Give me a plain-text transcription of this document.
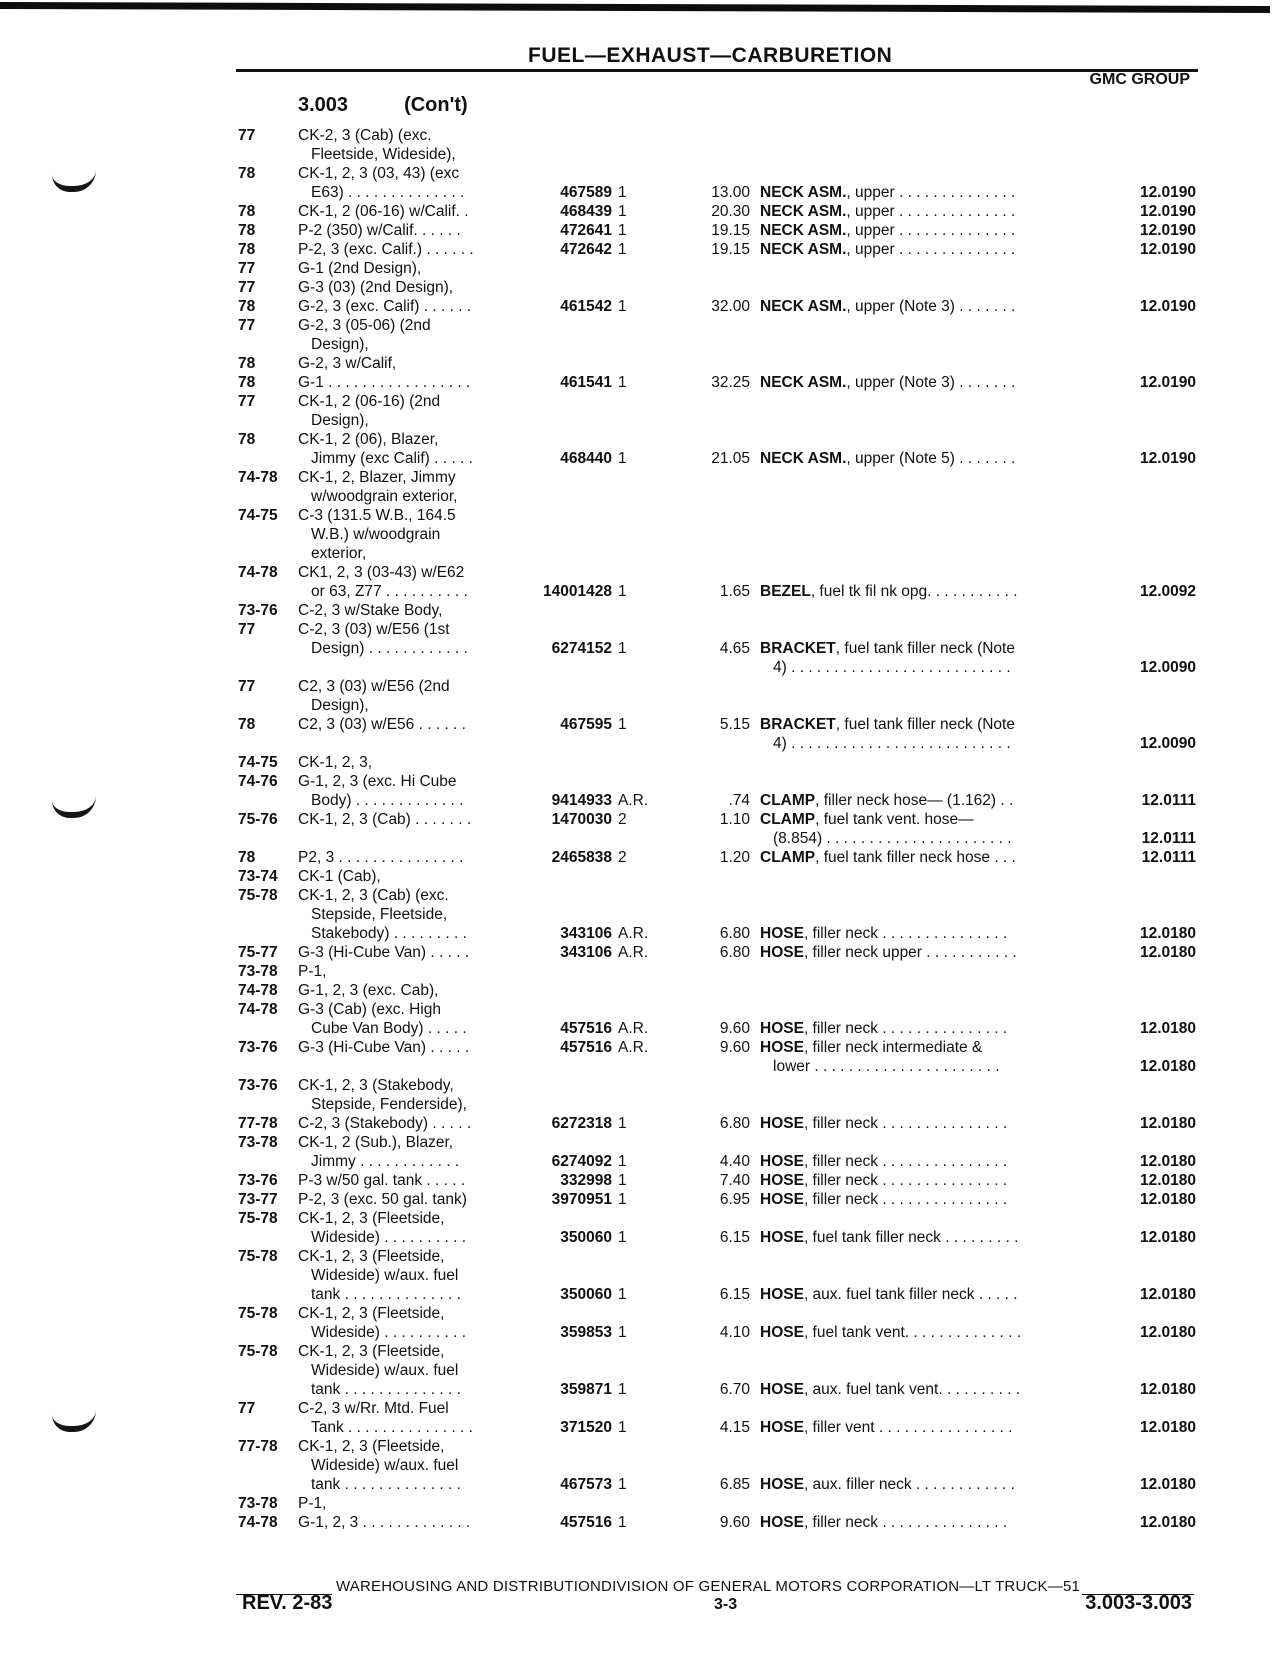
FUEL—EXHAUST—CARBURETION
GMC GROUP
3.003	(Con't)
77	CK-2, 3 (Cab) (exc.
Fleetside, Wideside),
78	CK-1, 2, 3 (03, 43) (exc
E63) . . . . . . . . . . . . . .	467589 1	13.00 NECK ASM., upper . . . . . . . . . . . . . .	12.0190
78	CK-1, 2 (06-16) w/Calif. .	468439 1	20.30 NECK ASM., upper . . . . . . . . . . . . . .	12.0190
78	P-2 (350) w/Calif. . . . . .	472641 1	19.15 NECK ASM., upper . . . . . . . . . . . . . .	12.0190
78	P-2, 3 (exc. Calif.) . . . . . .	472642 1	19.15 NECK ASM., upper . . . . . . . . . . . . . .	12.0190
77	G-1 (2nd Design),
77	G-3 (03) (2nd Design),
78	G-2, 3 (exc. Calif) . . . . . .	461542 1	32.00 NECK ASM., upper (Note 3) . . . . . . .	12.0190
77	G-2, 3 (05-06) (2nd
Design),
78	G-2, 3 w/Calif,
78	G-1 . . . . . . . . . . . . . . . . .	461541 1	32.25 NECK ASM., upper (Note 3) . . . . . . .	12.0190
77	CK-1, 2 (06-16) (2nd
Design),
78	CK-1, 2 (06), Blazer,
Jimmy (exc Calif) . . . . .	468440 1	21.05 NECK ASM., upper (Note 5) . . . . . . .	12.0190
74-78	CK-1, 2, Blazer, Jimmy
w/woodgrain exterior,
74-75	C-3 (131.5 W.B., 164.5
W.B.) w/woodgrain
exterior,
74-78	CK1, 2, 3 (03-43) w/E62
or 63, Z77 . . . . . . . . . .	14001428 1	1.65 BEZEL, fuel tk fil nk opg. . . . . . . . . . .	12.0092
73-76	C-2, 3 w/Stake Body,
77	C-2, 3 (03) w/E56 (1st
Design) . . . . . . . . . . . .	6274152 1	4.65 BRACKET, fuel tank filler neck (Note
4) . . . . . . . . . . . . . . . . . . . . . . . . . .	12.0090
77	C2, 3 (03) w/E56 (2nd
Design),
78	C2, 3 (03) w/E56 . . . . . .	467595 1	5.15 BRACKET, fuel tank filler neck (Note
4) . . . . . . . . . . . . . . . . . . . . . . . . . .	12.0090
74-75	CK-1, 2, 3,
74-76	G-1, 2, 3 (exc. Hi Cube
Body) . . . . . . . . . . . . .	9414933 A.R.	.74 CLAMP, filler neck hose— (1.162) . .	12.0111
75-76	CK-1, 2, 3 (Cab) . . . . . . .	1470030 2	1.10 CLAMP, fuel tank vent. hose—
(8.854) . . . . . . . . . . . . . . . . . . . . . .	12.0111
78	P2, 3 . . . . . . . . . . . . . . .	2465838 2	1.20 CLAMP, fuel tank filler neck hose . . .	12.0111
73-74	CK-1 (Cab),
75-78	CK-1, 2, 3 (Cab) (exc.
Stepside, Fleetside,
Stakebody) . . . . . . . . .	343106 A.R.	6.80 HOSE, filler neck . . . . . . . . . . . . . . .	12.0180
75-77	G-3 (Hi-Cube Van) . . . . .	343106 A.R.	6.80 HOSE, filler neck upper . . . . . . . . . . .	12.0180
73-78	P-1,
74-78	G-1, 2, 3 (exc. Cab),
74-78	G-3 (Cab) (exc. High
Cube Van Body) . . . . .	457516 A.R.	9.60 HOSE, filler neck . . . . . . . . . . . . . . .	12.0180
73-76	G-3 (Hi-Cube Van) . . . . .	457516 A.R.	9.60 HOSE, filler neck intermediate &
lower . . . . . . . . . . . . . . . . . . . . . .	12.0180
73-76	CK-1, 2, 3 (Stakebody,
Stepside, Fenderside),
77-78	C-2, 3 (Stakebody) . . . . .	6272318 1	6.80 HOSE, filler neck . . . . . . . . . . . . . . .	12.0180
73-78	CK-1, 2 (Sub.), Blazer,
Jimmy . . . . . . . . . . . .	6274092 1	4.40 HOSE, filler neck . . . . . . . . . . . . . . .	12.0180
73-76	P-3 w/50 gal. tank . . . . .	332998 1	7.40 HOSE, filler neck . . . . . . . . . . . . . . .	12.0180
73-77	P-2, 3 (exc. 50 gal. tank)	3970951 1	6.95 HOSE, filler neck . . . . . . . . . . . . . . .	12.0180
75-78	CK-1, 2, 3 (Fleetside,
Wideside) . . . . . . . . . .	350060 1	6.15 HOSE, fuel tank filler neck . . . . . . . . .	12.0180
75-78	CK-1, 2, 3 (Fleetside,
Wideside) w/aux. fuel
tank . . . . . . . . . . . . . .	350060 1	6.15 HOSE, aux. fuel tank filler neck . . . . .	12.0180
75-78	CK-1, 2, 3 (Fleetside,
Wideside) . . . . . . . . . .	359853 1	4.10 HOSE, fuel tank vent. . . . . . . . . . . . . .	12.0180
75-78	CK-1, 2, 3 (Fleetside,
Wideside) w/aux. fuel
tank . . . . . . . . . . . . . .	359871 1	6.70 HOSE, aux. fuel tank vent. . . . . . . . . .	12.0180
77	C-2, 3 w/Rr. Mtd. Fuel
Tank . . . . . . . . . . . . . . .	371520 1	4.15 HOSE, filler vent . . . . . . . . . . . . . . . .	12.0180
77-78	CK-1, 2, 3 (Fleetside,
Wideside) w/aux. fuel
tank . . . . . . . . . . . . . .	467573 1	6.85 HOSE, aux. filler neck . . . . . . . . . . . .	12.0180
73-78	P-1,
74-78	G-1, 2, 3 . . . . . . . . . . . . .	457516 1	9.60 HOSE, filler neck . . . . . . . . . . . . . . .	12.0180
WAREHOUSING AND DISTRIBUTIONDIVISION OF GENERAL MOTORS CORPORATION—LT TRUCK—51
REV. 2-83	3-3	3.003-3.003
